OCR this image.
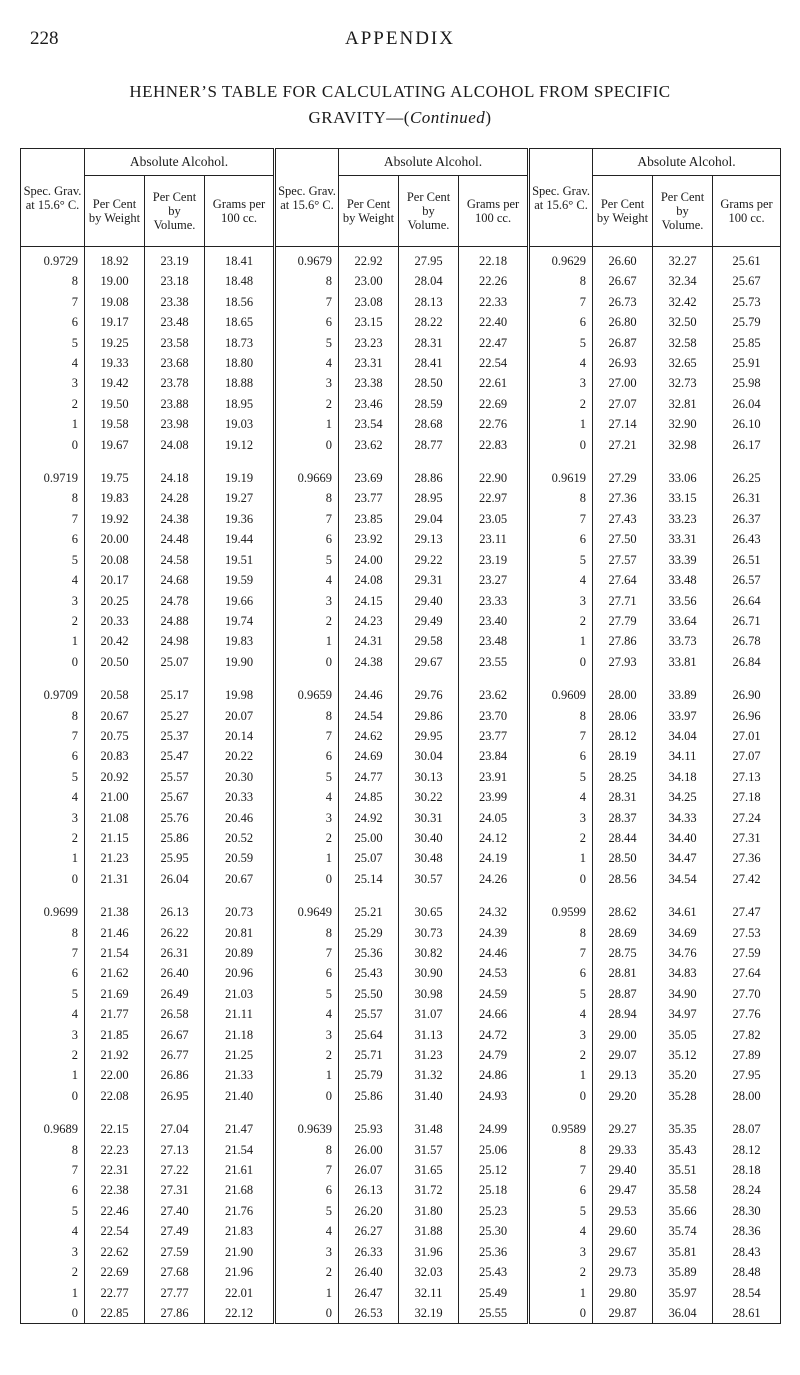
228	APPENDIX
HEHNER’S TABLE FOR CALCULATING ALCOHOL FROM SPECIFIC
GRAVITY—(Continued)
Spec. Grav. at 15.6° C.	Absolute Alcohol.			Spec. Grav. at 15.6° C.	Absolute Alcohol.			Spec. Grav. at 15.6° C.	Absolute Alcohol.		
	Per Cent by Weight	Per Cent by Volume.	Grams per 100 cc.		Per Cent by Weight	Per Cent by Volume.	Grams per 100 cc.		Per Cent by Weight	Per Cent by Volume.	Grams per 100 cc.
0.9729	18.92	23.19	18.41	0.9679	22.92	27.95	22.18	0.9629	26.60	32.27	25.61
8	19.00	23.18	18.48	8	23.00	28.04	22.26	8	26.67	32.34	25.67
7	19.08	23.38	18.56	7	23.08	28.13	22.33	7	26.73	32.42	25.73
6	19.17	23.48	18.65	6	23.15	28.22	22.40	6	26.80	32.50	25.79
5	19.25	23.58	18.73	5	23.23	28.31	22.47	5	26.87	32.58	25.85
4	19.33	23.68	18.80	4	23.31	28.41	22.54	4	26.93	32.65	25.91
3	19.42	23.78	18.88	3	23.38	28.50	22.61	3	27.00	32.73	25.98
2	19.50	23.88	18.95	2	23.46	28.59	22.69	2	27.07	32.81	26.04
1	19.58	23.98	19.03	1	23.54	28.68	22.76	1	27.14	32.90	26.10
0	19.67	24.08	19.12	0	23.62	28.77	22.83	0	27.21	32.98	26.17

0.9719	19.75	24.18	19.19	0.9669	23.69	28.86	22.90	0.9619	27.29	33.06	26.25
8	19.83	24.28	19.27	8	23.77	28.95	22.97	8	27.36	33.15	26.31
7	19.92	24.38	19.36	7	23.85	29.04	23.05	7	27.43	33.23	26.37
6	20.00	24.48	19.44	6	23.92	29.13	23.11	6	27.50	33.31	26.43
5	20.08	24.58	19.51	5	24.00	29.22	23.19	5	27.57	33.39	26.51
4	20.17	24.68	19.59	4	24.08	29.31	23.27	4	27.64	33.48	26.57
3	20.25	24.78	19.66	3	24.15	29.40	23.33	3	27.71	33.56	26.64
2	20.33	24.88	19.74	2	24.23	29.49	23.40	2	27.79	33.64	26.71
1	20.42	24.98	19.83	1	24.31	29.58	23.48	1	27.86	33.73	26.78
0	20.50	25.07	19.90	0	24.38	29.67	23.55	0	27.93	33.81	26.84

0.9709	20.58	25.17	19.98	0.9659	24.46	29.76	23.62	0.9609	28.00	33.89	26.90
8	20.67	25.27	20.07	8	24.54	29.86	23.70	8	28.06	33.97	26.96
7	20.75	25.37	20.14	7	24.62	29.95	23.77	7	28.12	34.04	27.01
6	20.83	25.47	20.22	6	24.69	30.04	23.84	6	28.19	34.11	27.07
5	20.92	25.57	20.30	5	24.77	30.13	23.91	5	28.25	34.18	27.13
4	21.00	25.67	20.33	4	24.85	30.22	23.99	4	28.31	34.25	27.18
3	21.08	25.76	20.46	3	24.92	30.31	24.05	3	28.37	34.33	27.24
2	21.15	25.86	20.52	2	25.00	30.40	24.12	2	28.44	34.40	27.31
1	21.23	25.95	20.59	1	25.07	30.48	24.19	1	28.50	34.47	27.36
0	21.31	26.04	20.67	0	25.14	30.57	24.26	0	28.56	34.54	27.42

0.9699	21.38	26.13	20.73	0.9649	25.21	30.65	24.32	0.9599	28.62	34.61	27.47
8	21.46	26.22	20.81	8	25.29	30.73	24.39	8	28.69	34.69	27.53
7	21.54	26.31	20.89	7	25.36	30.82	24.46	7	28.75	34.76	27.59
6	21.62	26.40	20.96	6	25.43	30.90	24.53	6	28.81	34.83	27.64
5	21.69	26.49	21.03	5	25.50	30.98	24.59	5	28.87	34.90	27.70
4	21.77	26.58	21.11	4	25.57	31.07	24.66	4	28.94	34.97	27.76
3	21.85	26.67	21.18	3	25.64	31.13	24.72	3	29.00	35.05	27.82
2	21.92	26.77	21.25	2	25.71	31.23	24.79	2	29.07	35.12	27.89
1	22.00	26.86	21.33	1	25.79	31.32	24.86	1	29.13	35.20	27.95
0	22.08	26.95	21.40	0	25.86	31.40	24.93	0	29.20	35.28	28.00

0.9689	22.15	27.04	21.47	0.9639	25.93	31.48	24.99	0.9589	29.27	35.35	28.07
8	22.23	27.13	21.54	8	26.00	31.57	25.06	8	29.33	35.43	28.12
7	22.31	27.22	21.61	7	26.07	31.65	25.12	7	29.40	35.51	28.18
6	22.38	27.31	21.68	6	26.13	31.72	25.18	6	29.47	35.58	28.24
5	22.46	27.40	21.76	5	26.20	31.80	25.23	5	29.53	35.66	28.30
4	22.54	27.49	21.83	4	26.27	31.88	25.30	4	29.60	35.74	28.36
3	22.62	27.59	21.90	3	26.33	31.96	25.36	3	29.67	35.81	28.43
2	22.69	27.68	21.96	2	26.40	32.03	25.43	2	29.73	35.89	28.48
1	22.77	27.77	22.01	1	26.47	32.11	25.49	1	29.80	35.97	28.54
0	22.85	27.86	22.12	0	26.53	32.19	25.55	0	29.87	36.04	28.61
